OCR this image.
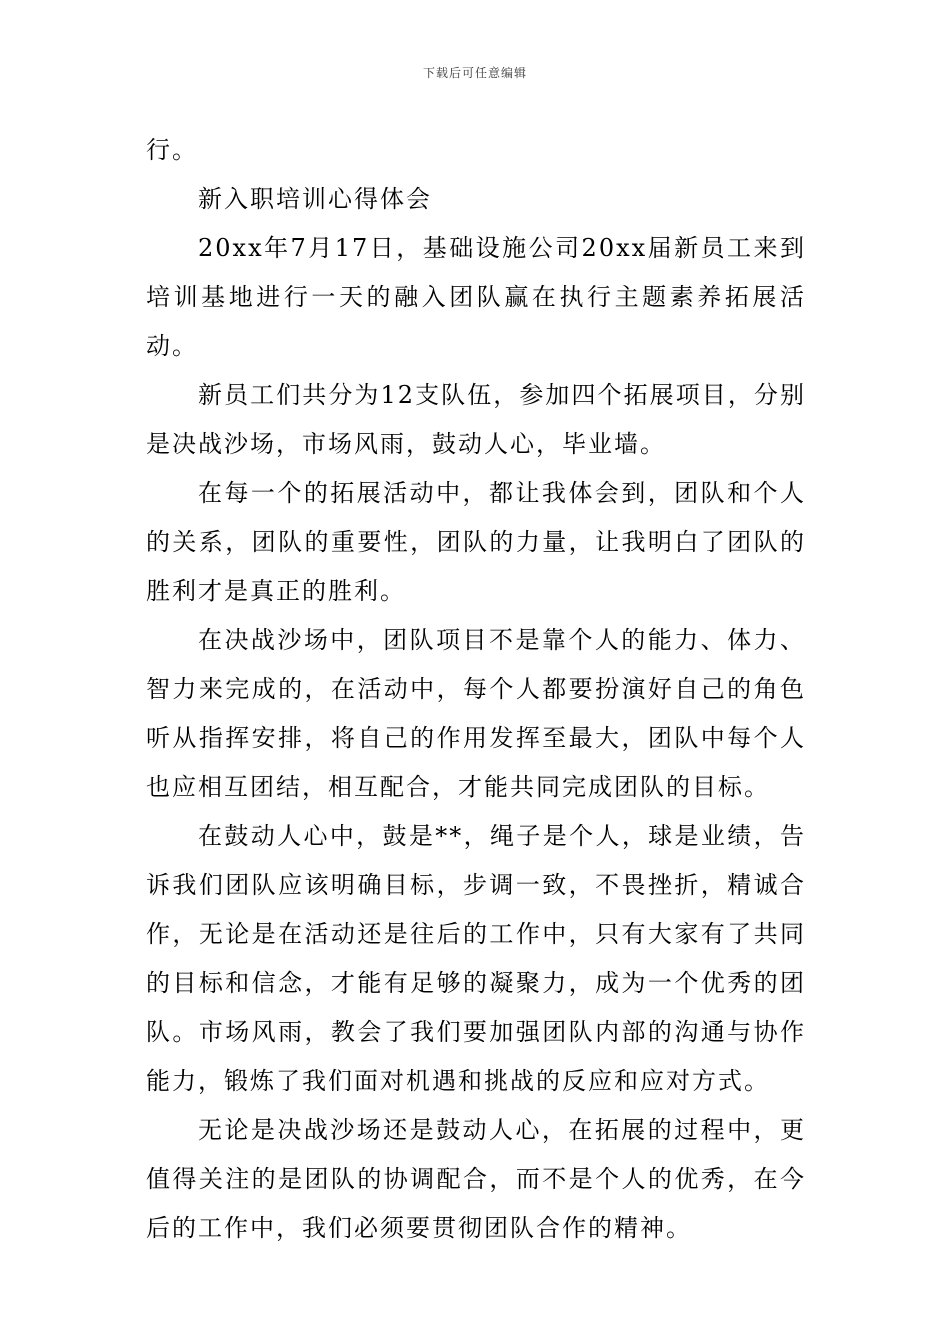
下载后可任意编辑

行。

新入职培训心得体会

20xx年7月17日，基础设施公司20xx届新员工来到培训基地进行一天的融入团队赢在执行主题素养拓展活动。

新员工们共分为12支队伍，参加四个拓展项目，分别是决战沙场，市场风雨，鼓动人心，毕业墙。

在每一个的拓展活动中，都让我体会到，团队和个人的关系，团队的重要性，团队的力量，让我明白了团队的胜利才是真正的胜利。

在决战沙场中，团队项目不是靠个人的能力、体力、智力来完成的，在活动中，每个人都要扮演好自己的角色听从指挥安排，将自己的作用发挥至最大，团队中每个人也应相互团结，相互配合，才能共同完成团队的目标。

在鼓动人心中，鼓是**，绳子是个人，球是业绩，告诉我们团队应该明确目标，步调一致，不畏挫折，精诚合作，无论是在活动还是往后的工作中，只有大家有了共同的目标和信念，才能有足够的凝聚力，成为一个优秀的团队。市场风雨，教会了我们要加强团队内部的沟通与协作能力，锻炼了我们面对机遇和挑战的反应和应对方式。

无论是决战沙场还是鼓动人心，在拓展的过程中，更值得关注的是团队的协调配合，而不是个人的优秀，在今后的工作中，我们必须要贯彻团队合作的精神。
